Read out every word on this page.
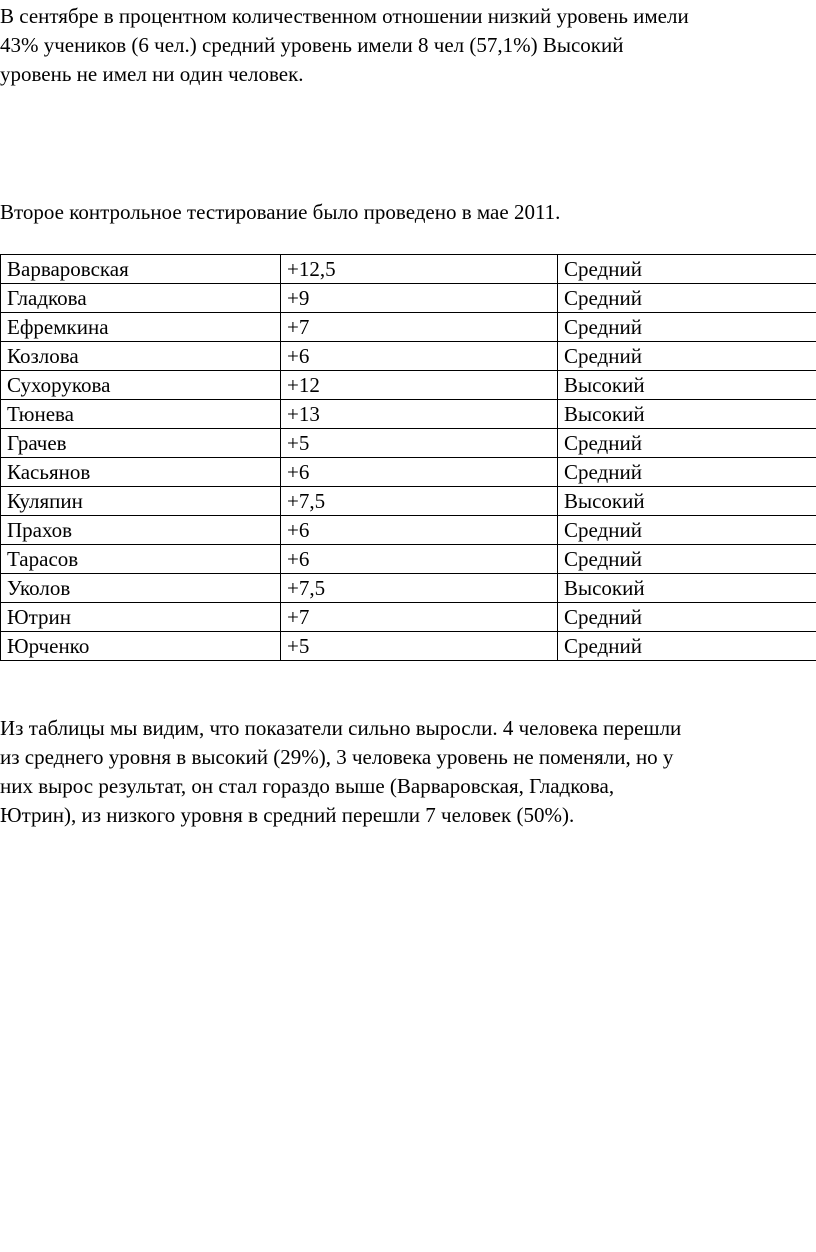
В сентябре в процентном количественном отношении низкий уровень имели
43% учеников (6 чел.) средний уровень имели 8 чел (57,1%) Высокий
уровень не имел ни один человек.

Второе контрольное тестирование было проведено в мае 2011.

Варваровская	+12,5	Средний
Гладкова	+9	Средний
Ефремкина	+7	Средний
Козлова	+6	Средний
Сухорукова	+12	Высокий
Тюнева	+13	Высокий
Грачев	+5	Средний
Касьянов	+6	Средний
Куляпин	+7,5	Высокий
Прахов	+6	Средний
Тарасов	+6	Средний
Уколов	+7,5	Высокий
Ютрин	+7	Средний
Юрченко	+5	Средний

Из таблицы мы видим, что показатели сильно выросли. 4 человека перешли
из среднего уровня в высокий (29%), 3 человека уровень не поменяли, но у
них вырос результат, он стал гораздо выше (Варваровская, Гладкова,
Ютрин), из низкого уровня в средний перешли 7 человек (50%).
